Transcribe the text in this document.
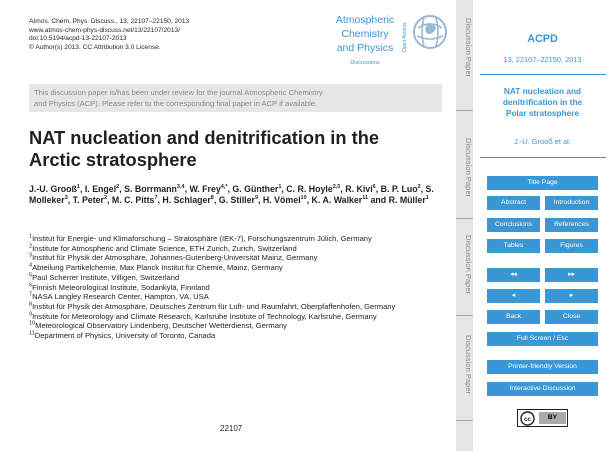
Atmos. Chem. Phys. Discuss., 13, 22107–22150, 2013
www.atmos-chem-phys-discuss.net/13/22107/2013/
doi:10.5194/acpd-13-22107-2013
© Author(s) 2013. CC Attribution 3.0 License.
Atmospheric
Chemistry
and Physics
Discussions
Open Access
This discussion paper is/has been under review for the journal Atmospheric Chemistry
and Physics (ACP). Please refer to the corresponding final paper in ACP if available.
NAT nucleation and denitrification in the
Arctic stratosphere
J.-U. Grooß$^1$, I. Engel$^2$, S. Borrmann$^{3,4}$, W. Frey$^{4,*}$, G. Günther$^1$, C. R. Hoyle$^{2,5}$, R. Kivi$^6$, B. P. Luo$^2$, S. Molleker$^3$, T. Peter$^2$, M. C. Pitts$^7$, H. Schlager$^8$, G. Stiller$^9$, H. Vömel$^{10}$, K. A. Walker$^{11}$ and R. Müller$^1$
$^1$Institut für Energie- und Klimaforschung – Stratosphäre (IEK-7), Forschungszentrum Jülich, Germany
$^2$Institute for Atmospheric and Climate Science, ETH Zurich, Zurich, Switzerland
$^3$Institut für Physik der Atmosphäre, Johannes-Gutenberg-Universität Mainz, Germany
$^4$Abteilung Partikelchemie, Max Planck Institut für Chemie, Mainz, Germany
$^5$Paul Scherrer Institute, Villigen, Switzerland
$^6$Finnish Meteorological Institute, Sodankylä, Finnland
$^7$NASA Langley Research Center, Hampton, VA, USA
$^8$Institut für Physik der Atmosphäre, Deutsches Zentrum für Luft- und Raumfahrt, Oberpfaffenhofen, Germany
$^9$Institute for Meteorology and Climate Research, Karlsruhe Institute of Technology, Karlsruhe, Germany
$^{10}$Meteorological Observatory Lindenberg, Deutscher Wetterdienst, Germany
$^{11}$Department of Physics, University of Toronto, Canada
22107
Discussion Paper
Discussion Paper
Discussion Paper
Discussion Paper
ACPD
13, 22107–22150, 2013
NAT nucleation and
denitrification in the
Polar stratosphere
J.-U. Grooß et al.
Title Page
Abstract	Introduction
Conclusions	References
Tables	Figures
◂◂	▸▸
◂	▸
Back	Close
Full Screen / Esc
Printer-friendly Version
Interactive Discussion
cc	BY
